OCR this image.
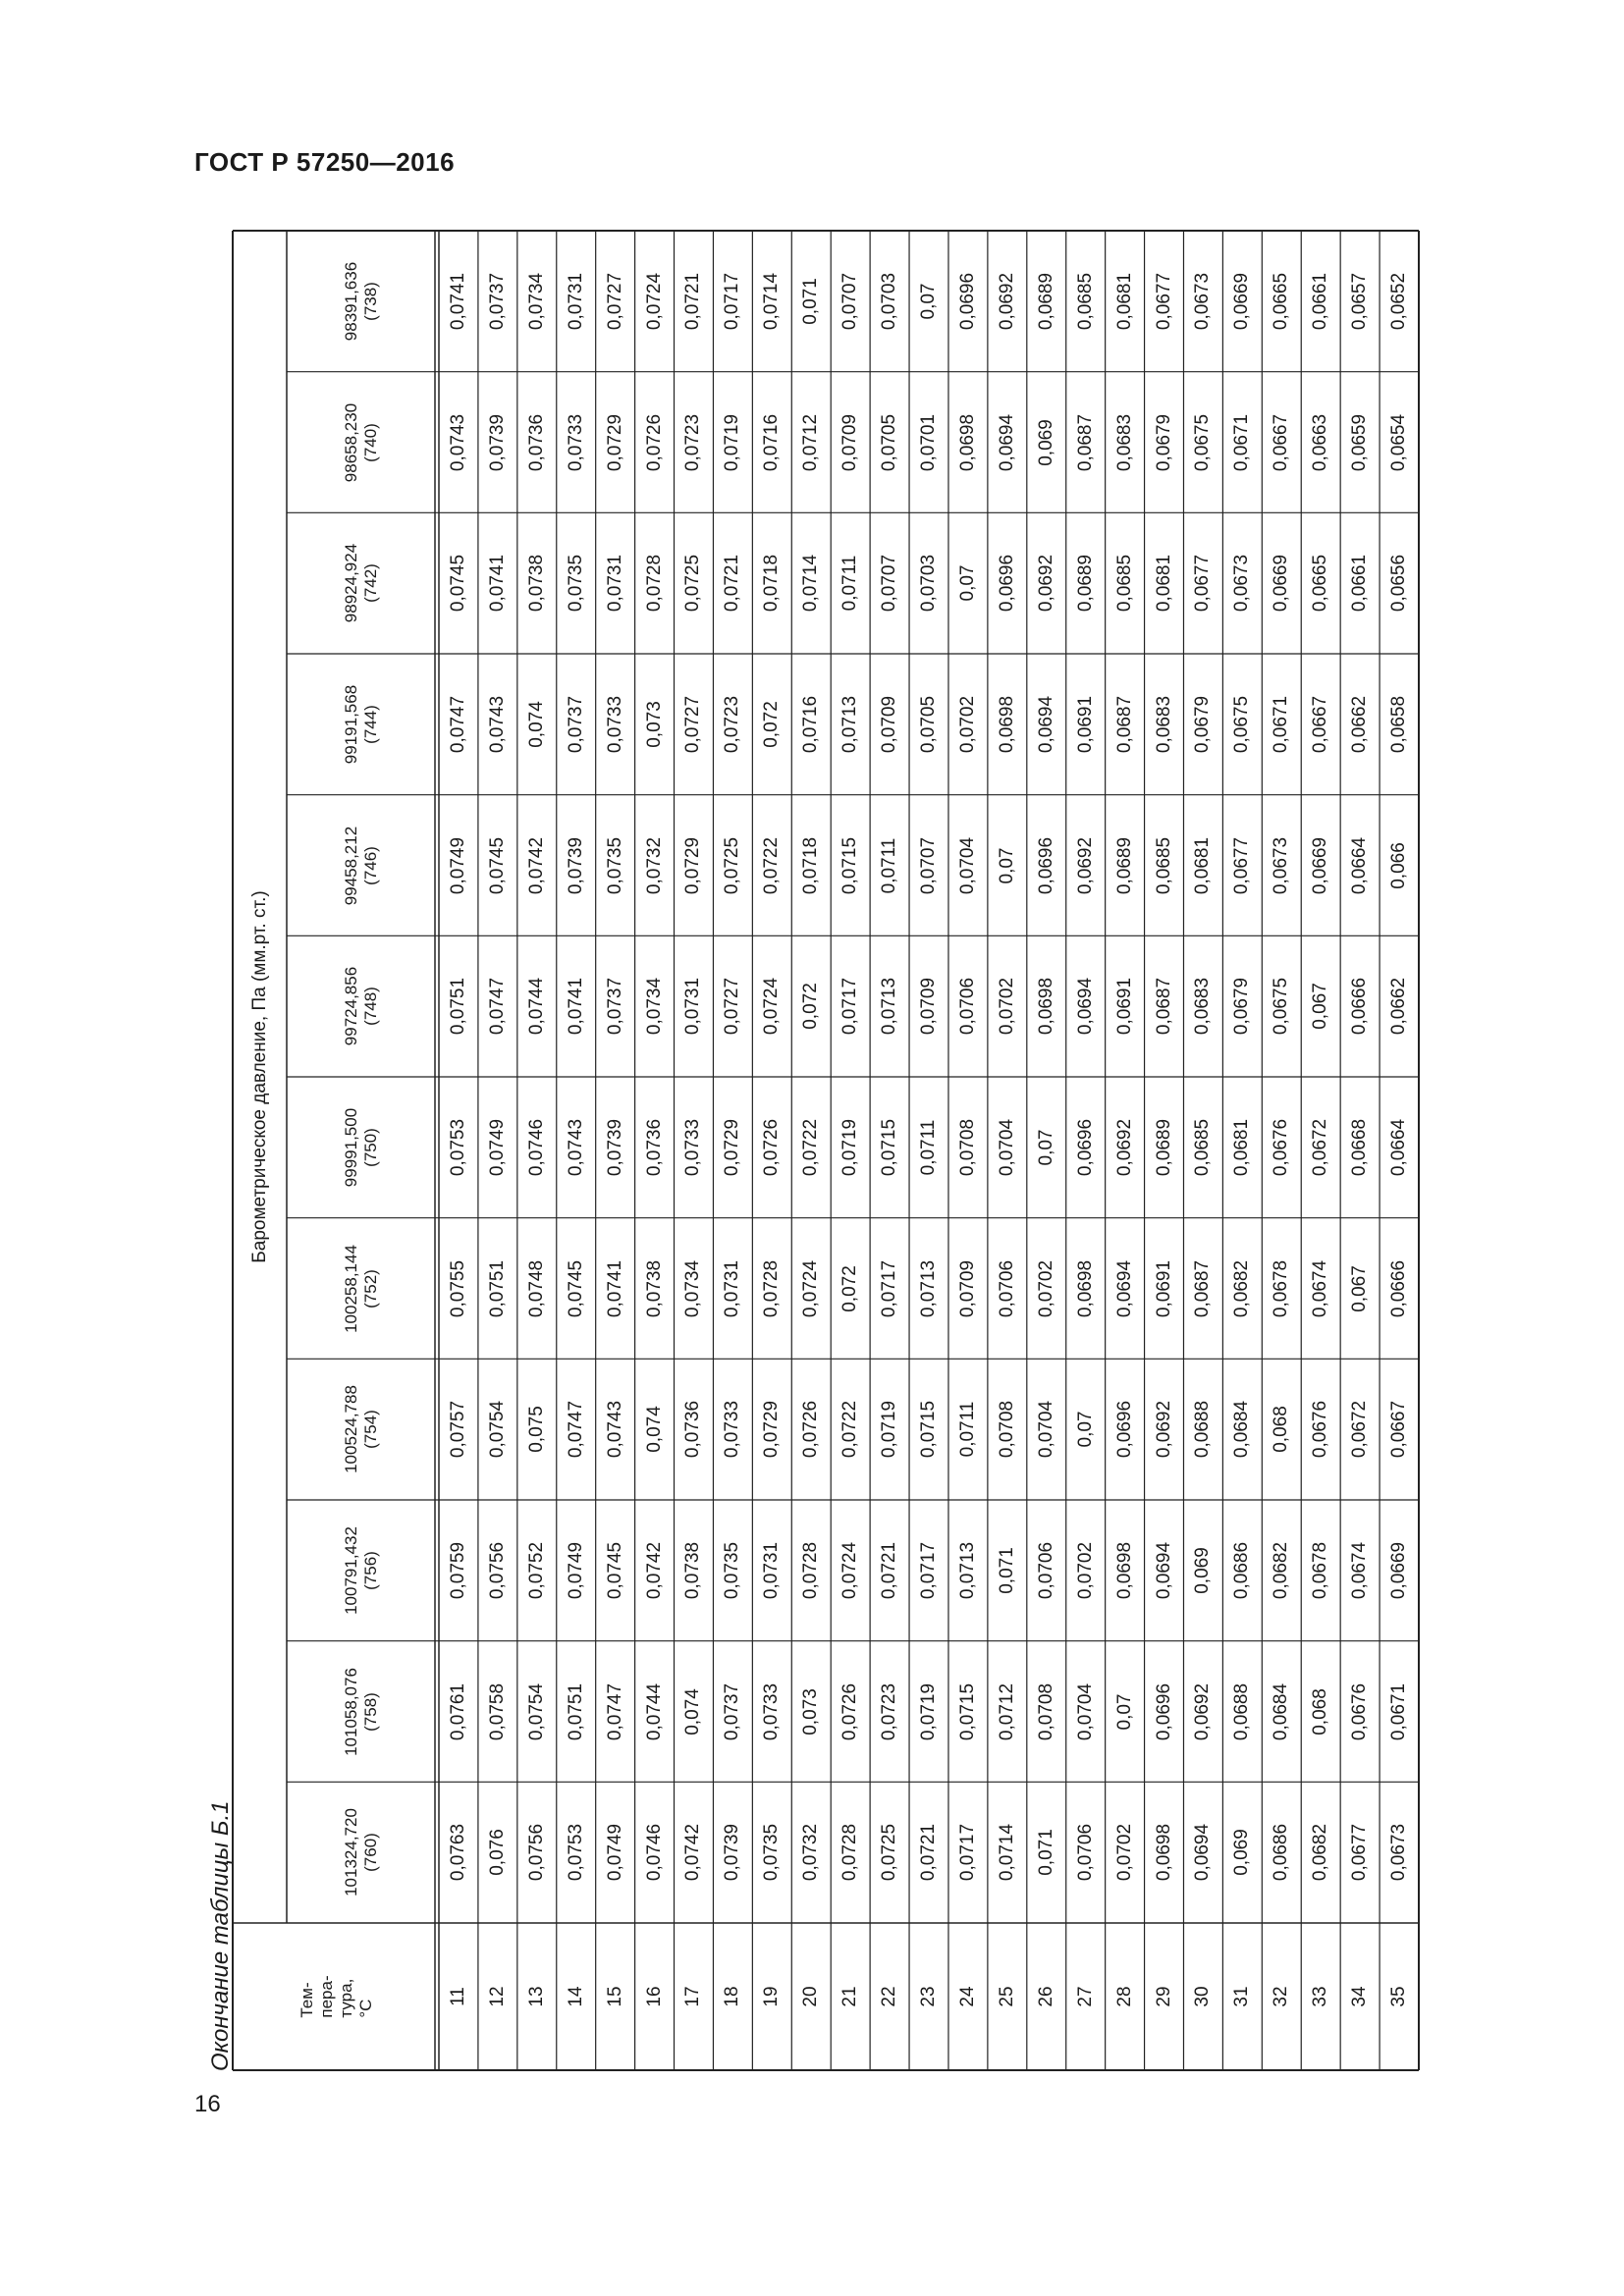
ГОСТ Р 57250—2016
16
Окончание таблицы Б.1
Барометрическое давление, Па (мм.рт. ст.)
Тем-
пера-
тура,
°С
98391,636 (738)
98658,230 (740)
98924,924 (742)
99191,568 (744)
99458,212 (746)
99724,856 (748)
99991,500 (750)
100258,144 (752)
100524,788 (754)
100791,432 (756)
101058,076 (758)
101324,720 (760)
11
0,0741
0,0743
0,0745
0,0747
0,0749
0,0751
0,0753
0,0755
0,0757
0,0759
0,0761
0,0763
12
0,0737
0,0739
0,0741
0,0743
0,0745
0,0747
0,0749
0,0751
0,0754
0,0756
0,0758
0,076
13
0,0734
0,0736
0,0738
0,074
0,0742
0,0744
0,0746
0,0748
0,075
0,0752
0,0754
0,0756
14
0,0731
0,0733
0,0735
0,0737
0,0739
0,0741
0,0743
0,0745
0,0747
0,0749
0,0751
0,0753
15
0,0727
0,0729
0,0731
0,0733
0,0735
0,0737
0,0739
0,0741
0,0743
0,0745
0,0747
0,0749
16
0,0724
0,0726
0,0728
0,073
0,0732
0,0734
0,0736
0,0738
0,074
0,0742
0,0744
0,0746
17
0,0721
0,0723
0,0725
0,0727
0,0729
0,0731
0,0733
0,0734
0,0736
0,0738
0,074
0,0742
18
0,0717
0,0719
0,0721
0,0723
0,0725
0,0727
0,0729
0,0731
0,0733
0,0735
0,0737
0,0739
19
0,0714
0,0716
0,0718
0,072
0,0722
0,0724
0,0726
0,0728
0,0729
0,0731
0,0733
0,0735
20
0,071
0,0712
0,0714
0,0716
0,0718
0,072
0,0722
0,0724
0,0726
0,0728
0,073
0,0732
21
0,0707
0,0709
0,0711
0,0713
0,0715
0,0717
0,0719
0,072
0,0722
0,0724
0,0726
0,0728
22
0,0703
0,0705
0,0707
0,0709
0,0711
0,0713
0,0715
0,0717
0,0719
0,0721
0,0723
0,0725
23
0,07
0,0701
0,0703
0,0705
0,0707
0,0709
0,0711
0,0713
0,0715
0,0717
0,0719
0,0721
24
0,0696
0,0698
0,07
0,0702
0,0704
0,0706
0,0708
0,0709
0,0711
0,0713
0,0715
0,0717
25
0,0692
0,0694
0,0696
0,0698
0,07
0,0702
0,0704
0,0706
0,0708
0,071
0,0712
0,0714
26
0,0689
0,069
0,0692
0,0694
0,0696
0,0698
0,07
0,0702
0,0704
0,0706
0,0708
0,071
27
0,0685
0,0687
0,0689
0,0691
0,0692
0,0694
0,0696
0,0698
0,07
0,0702
0,0704
0,0706
28
0,0681
0,0683
0,0685
0,0687
0,0689
0,0691
0,0692
0,0694
0,0696
0,0698
0,07
0,0702
29
0,0677
0,0679
0,0681
0,0683
0,0685
0,0687
0,0689
0,0691
0,0692
0,0694
0,0696
0,0698
30
0,0673
0,0675
0,0677
0,0679
0,0681
0,0683
0,0685
0,0687
0,0688
0,069
0,0692
0,0694
31
0,0669
0,0671
0,0673
0,0675
0,0677
0,0679
0,0681
0,0682
0,0684
0,0686
0,0688
0,069
32
0,0665
0,0667
0,0669
0,0671
0,0673
0,0675
0,0676
0,0678
0,068
0,0682
0,0684
0,0686
33
0,0661
0,0663
0,0665
0,0667
0,0669
0,067
0,0672
0,0674
0,0676
0,0678
0,068
0,0682
34
0,0657
0,0659
0,0661
0,0662
0,0664
0,0666
0,0668
0,067
0,0672
0,0674
0,0676
0,0677
35
0,0652
0,0654
0,0656
0,0658
0,066
0,0662
0,0664
0,0666
0,0667
0,0669
0,0671
0,0673
